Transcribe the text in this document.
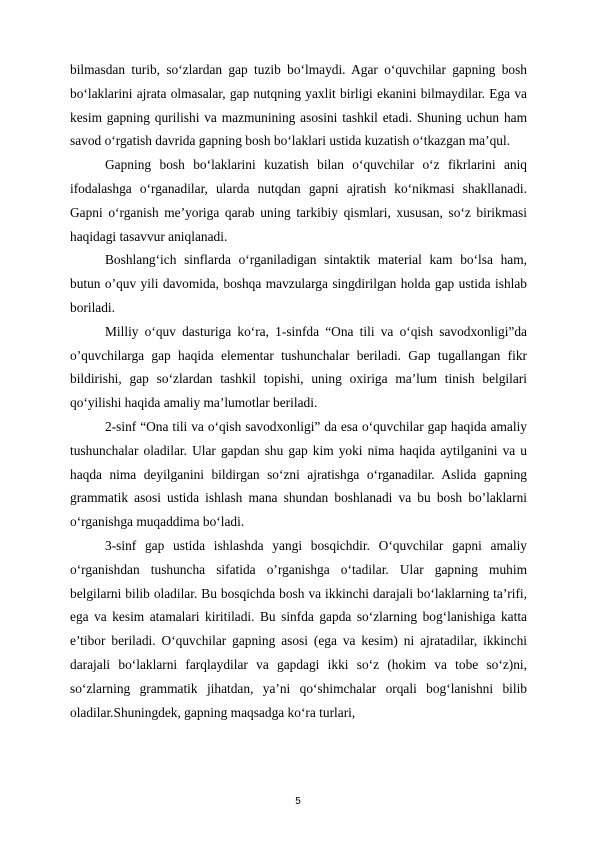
bilmasdan turib, so‘zlardan gap tuzib bo‘lmaydi. Agar o‘quvchilar gapning bosh bo‘laklarini ajrata olmasalar, gap nutqning yaxlit birligi ekanini bilmaydilar. Ega va kesim gapning qurilishi va mazmunining asosini tashkil etadi. Shuning uchun ham savod o‘rgatish davrida gapning bosh bo‘laklari ustida kuzatish o‘tkazgan ma’qul.

Gapning bosh bo‘laklarini kuzatish bilan o‘quvchilar o‘z fikrlarini aniq ifodalashga o‘rganadilar, ularda nutqdan gapni ajratish ko‘nikmasi shakllanadi. Gapni o‘rganish me’yoriga qarab uning tarkibiy qismlari, xususan, so‘z birikmasi haqidagi tasavvur aniqlanadi.

Boshlang‘ich sinflarda o‘rganiladigan sintaktik material kam bo‘lsa ham, butun o’quv yili davomida, boshqa mavzularga singdirilgan holda gap ustida ishlab boriladi.

Milliy o‘quv dasturiga ko‘ra, 1-sinfda “Ona tili va o‘qish savodxonligi”da o’quvchilarga gap haqida elementar tushunchalar beriladi. Gap tugallangan fikr bildirishi, gap so‘zlardan tashkil topishi, uning oxiriga ma’lum tinish belgilari qo‘yilishi haqida amaliy ma’lumotlar beriladi.

2-sinf “Ona tili va o‘qish savodxonligi” da esa o‘quvchilar gap haqida amaliy tushunchalar oladilar. Ular gapdan shu gap kim yoki nima haqida aytilganini va u haqda nima deyilganini bildirgan so‘zni ajratishga o‘rganadilar. Aslida gapning grammatik asosi ustida ishlash mana shundan boshlanadi va bu bosh bo’laklarni o‘rganishga muqaddima bo‘ladi.

3-sinf gap ustida ishlashda yangi bosqichdir. O‘quvchilar gapni amaliy o‘rganishdan tushuncha sifatida o’rganishga o‘tadilar. Ular gapning muhim belgilarni bilib oladilar. Bu bosqichda bosh va ikkinchi darajali bo‘laklarning ta’rifi, ega va kesim atamalari kiritiladi. Bu sinfda gapda so‘zlarning bog‘lanishiga katta e’tibor beriladi. O‘quvchilar gapning asosi (ega va kesim) ni ajratadilar, ikkinchi darajali bo‘laklarni farqlaydilar va gapdagi ikki so‘z (hokim va tobe so‘z)ni, so‘zlarning grammatik jihatdan, ya’ni qo‘shimchalar orqali bog‘lanishni bilib oladilar.Shuningdek, gapning maqsadga ko‘ra turlari,

5
